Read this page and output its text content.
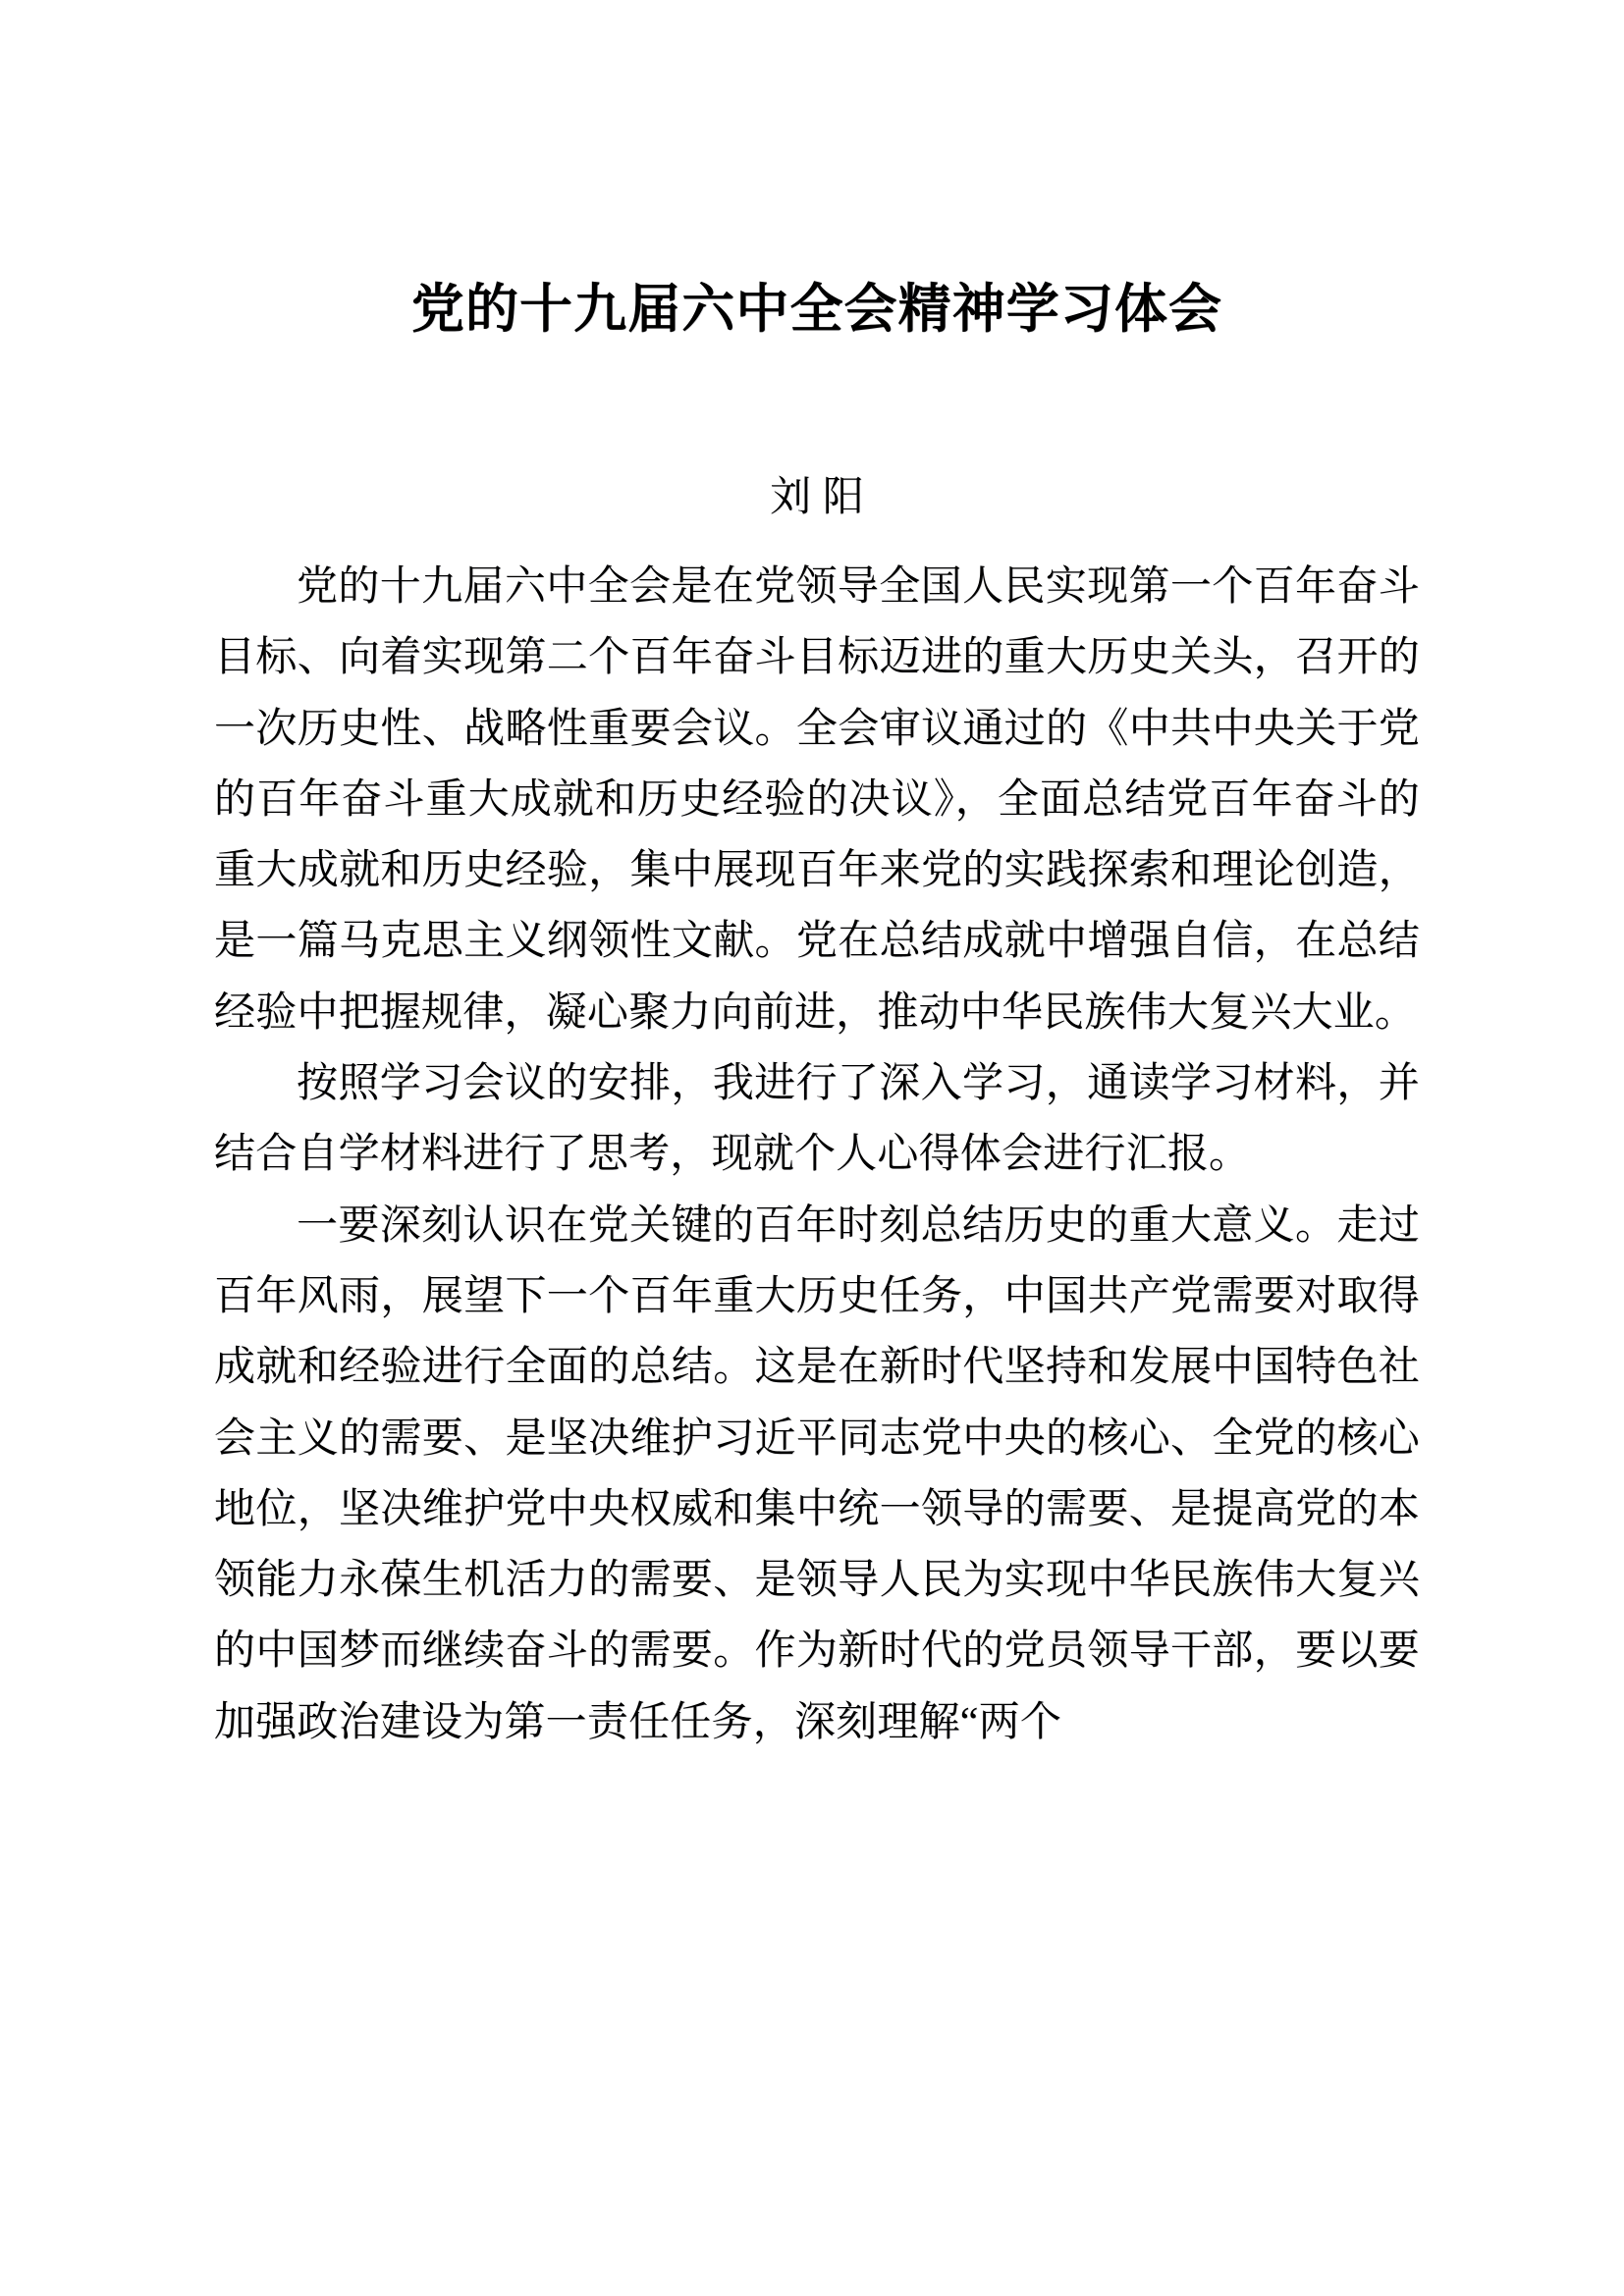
党的十九届六中全会精神学习体会
刘阳

党的十九届六中全会是在党领导全国人民实现第一个百年奋斗目标、向着实现第二个百年奋斗目标迈进的重大历史关头，召开的一次历史性、战略性重要会议。全会审议通过的《中共中央关于党的百年奋斗重大成就和历史经验的决议》，全面总结党百年奋斗的重大成就和历史经验，集中展现百年来党的实践探索和理论创造，是一篇马克思主义纲领性文献。党在总结成就中增强自信，在总结经验中把握规律，凝心聚力向前进，推动中华民族伟大复兴大业。

按照学习会议的安排，我进行了深入学习，通读学习材料，并结合自学材料进行了思考，现就个人心得体会进行汇报。

一要深刻认识在党关键的百年时刻总结历史的重大意义。走过百年风雨，展望下一个百年重大历史任务，中国共产党需要对取得成就和经验进行全面的总结。这是在新时代坚持和发展中国特色社会主义的需要、是坚决维护习近平同志党中央的核心、全党的核心地位，坚决维护党中央权威和集中统一领导的需要、是提高党的本领能力永葆生机活力的需要、是领导人民为实现中华民族伟大复兴的中国梦而继续奋斗的需要。作为新时代的党员领导干部，要以要加强政治建设为第一责任任务，深刻理解“两个
